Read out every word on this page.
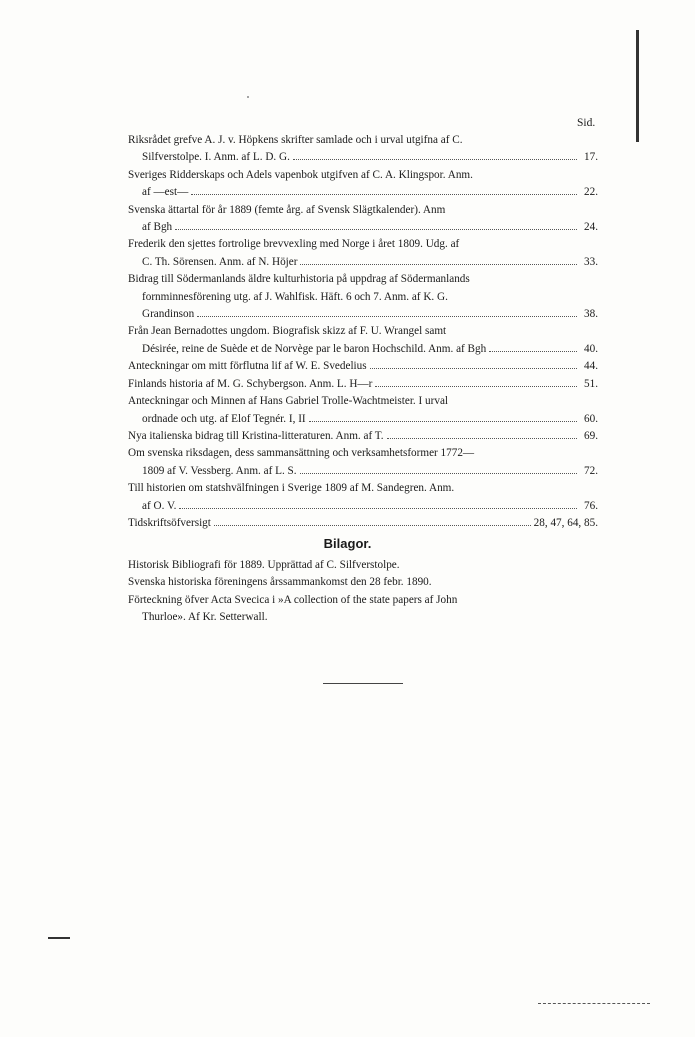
Sid.
Riksrådet grefve A. J. v. Höpkens skrifter samlade och i urval utgifna af C.
Silfverstolpe. I. Anm. af L. D. G.	17.
Sveriges Ridderskaps och Adels vapenbok utgifven af C. A. Klingspor. Anm.
af —est—	22.
Svenska ättartal för år 1889 (femte årg. af Svensk Slägtkalender). Anm
af Bgh	24.
Frederik den sjettes fortrolige brevvexling med Norge i året 1809. Udg. af
C. Th. Sörensen. Anm. af N. Höjer	33.
Bidrag till Södermanlands äldre kulturhistoria på uppdrag af Södermanlands
fornminnesförening utg. af J. Wahlfisk. Häft. 6 och 7. Anm. af K. G.
Grandinson	38.
Från Jean Bernadottes ungdom. Biografisk skizz af F. U. Wrangel samt
Désirée, reine de Suède et de Norvège par le baron Hochschild. Anm. af Bgh	40.
Anteckningar om mitt förflutna lif af W. E. Svedelius	44.
Finlands historia af M. G. Schybergson. Anm. L. H—r	51.
Anteckningar och Minnen af Hans Gabriel Trolle-Wachtmeister. I urval
ordnade och utg. af Elof Tegnér. I, II	60.
Nya italienska bidrag till Kristina-litteraturen. Anm. af T.	69.
Om svenska riksdagen, dess sammansättning och verksamhetsformer 1772—
1809 af V. Vessberg. Anm. af L. S.	72.
Till historien om statshvälfningen i Sverige 1809 af M. Sandegren. Anm.
af O. V.	76.
Tidskriftsöfversigt	28, 47, 64, 85.
Bilagor.
Historisk Bibliografi för 1889. Upprättad af C. Silfverstolpe.
Svenska historiska föreningens årssammankomst den 28 febr. 1890.
Förteckning öfver Acta Svecica i »A collection of the state papers af John
Thurloe». Af Kr. Setterwall.
